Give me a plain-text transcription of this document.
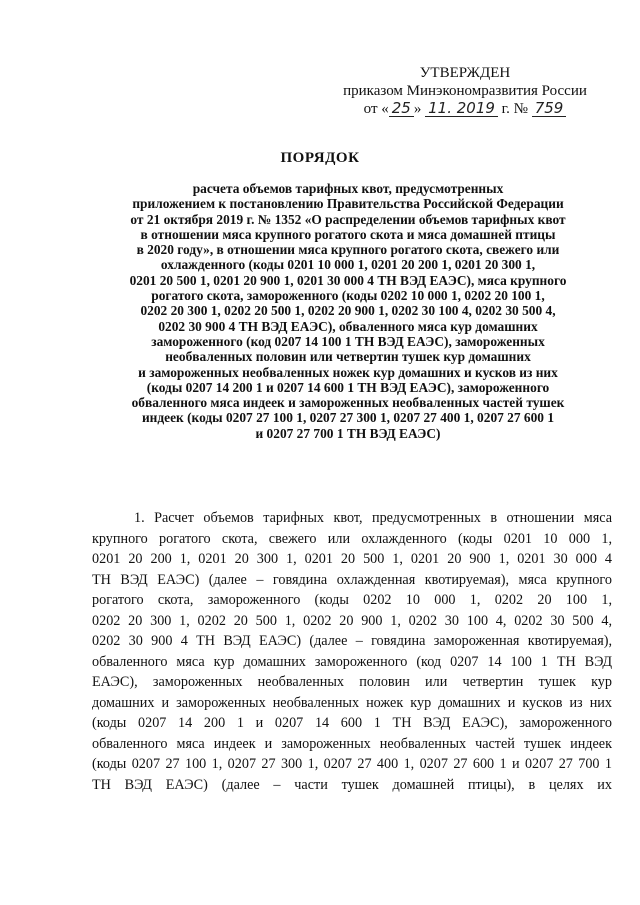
УТВЕРЖДЕН
приказом Минэкономразвития России
от « 25 » 11. 2019 г. № 759
ПОРЯДОК
расчета объемов тарифных квот, предусмотренных
приложением к постановлению Правительства Российской Федерации
от 21 октября 2019 г. № 1352 «О распределении объемов тарифных квот
в отношении мяса крупного рогатого скота и мяса домашней птицы
в 2020 году», в отношении мяса крупного рогатого скота, свежего или
охлажденного (коды 0201 10 000 1, 0201 20 200 1, 0201 20 300 1,
0201 20 500 1, 0201 20 900 1, 0201 30 000 4 ТН ВЭД ЕАЭС), мяса крупного
рогатого скота, замороженного (коды 0202 10 000 1, 0202 20 100 1,
0202 20 300 1, 0202 20 500 1, 0202 20 900 1, 0202 30 100 4, 0202 30 500 4,
0202 30 900 4 ТН ВЭД ЕАЭС), обваленного мяса кур домашних
замороженного (код 0207 14 100 1 ТН ВЭД ЕАЭС), замороженных
необваленных половин или четвертин тушек кур домашних
и замороженных необваленных ножек кур домашних и кусков из них
(коды 0207 14 200 1 и 0207 14 600 1 ТН ВЭД ЕАЭС), замороженного
обваленного мяса индеек и замороженных необваленных частей тушек
индеек (коды 0207 27 100 1, 0207 27 300 1, 0207 27 400 1, 0207 27 600 1
и 0207 27 700 1 ТН ВЭД ЕАЭС)
1. Расчет объемов тарифных квот, предусмотренных в отношении мяса
крупного рогатого скота, свежего или охлажденного (коды 0201 10 000 1,
0201 20 200 1, 0201 20 300 1, 0201 20 500 1, 0201 20 900 1, 0201 30 000 4
ТН ВЭД ЕАЭС) (далее – говядина охлажденная квотируемая), мяса крупного
рогатого скота, замороженного (коды 0202 10 000 1, 0202 20 100 1,
0202 20 300 1, 0202 20 500 1, 0202 20 900 1, 0202 30 100 4, 0202 30 500 4,
0202 30 900 4 ТН ВЭД ЕАЭС) (далее – говядина замороженная квотируемая),
обваленного мяса кур домашних замороженного (код 0207 14 100 1 ТН ВЭД
ЕАЭС), замороженных необваленных половин или четвертин тушек кур
домашних и замороженных необваленных ножек кур домашних и кусков из них
(коды 0207 14 200 1 и 0207 14 600 1 ТН ВЭД ЕАЭС), замороженного
обваленного мяса индеек и замороженных необваленных частей тушек индеек
(коды 0207 27 100 1, 0207 27 300 1, 0207 27 400 1, 0207 27 600 1 и 0207 27 700 1
ТН ВЭД ЕАЭС) (далее – части тушек домашней птицы), в целях их
